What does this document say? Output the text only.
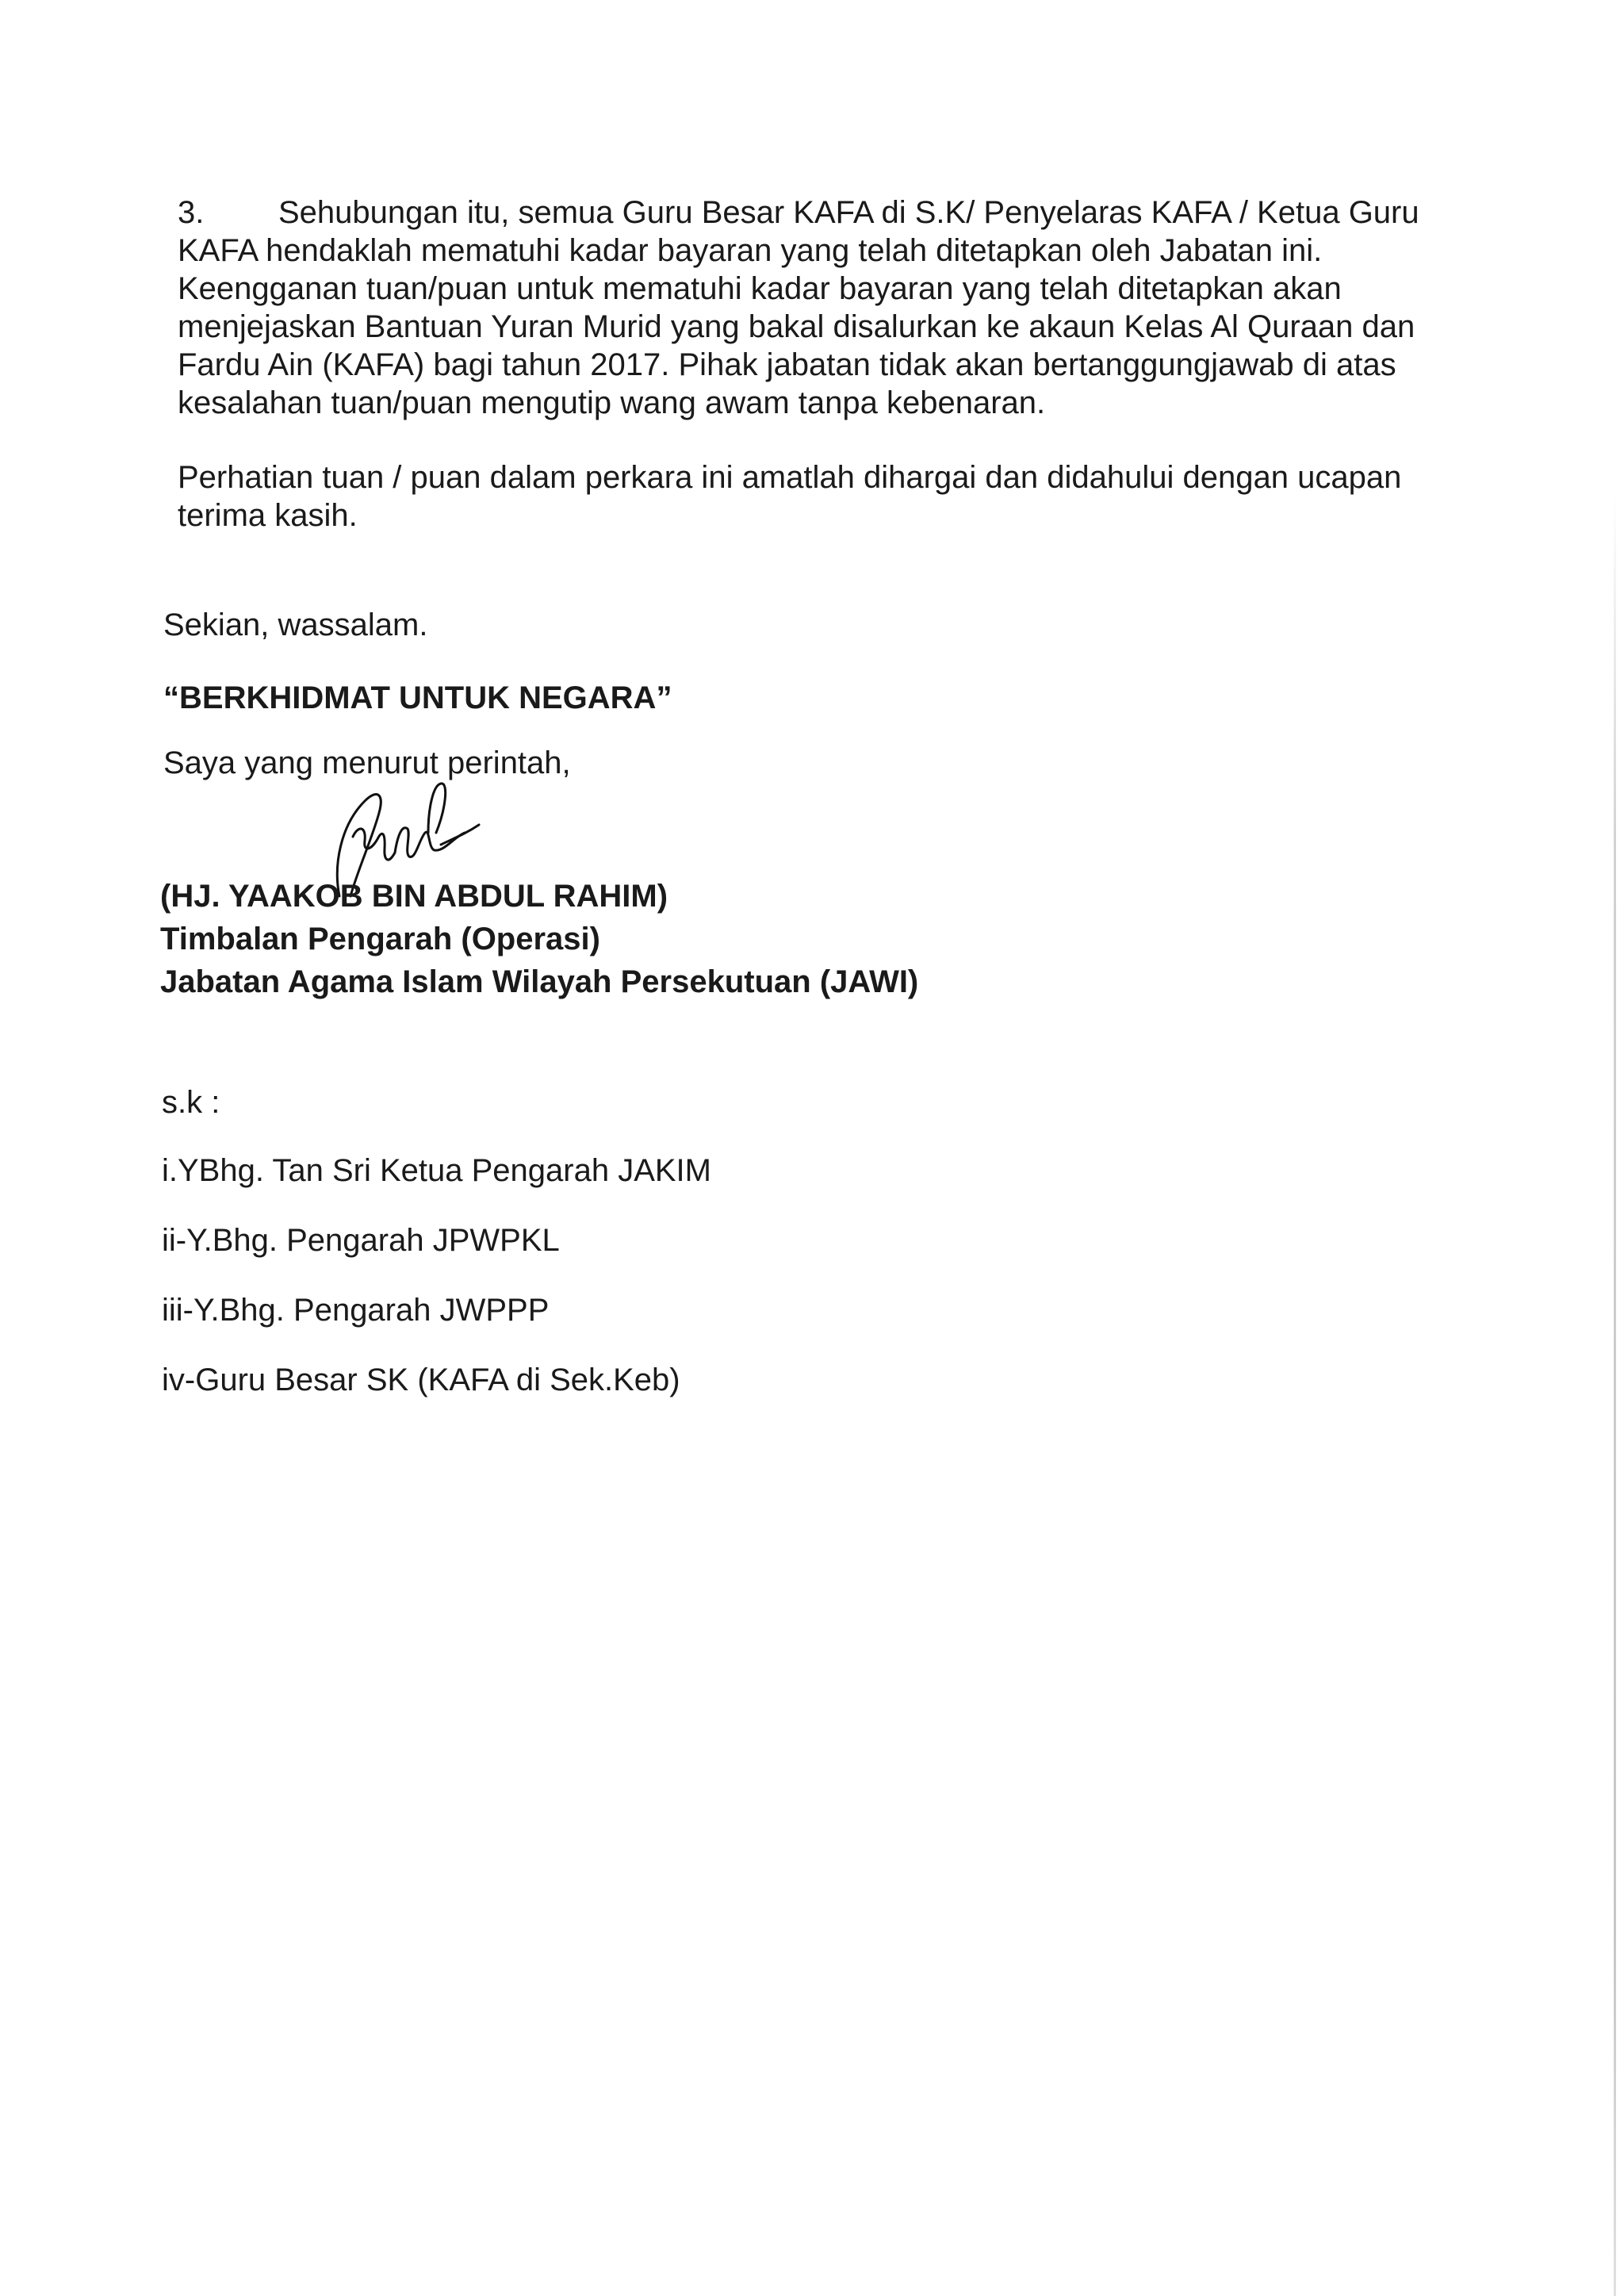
3. Sehubungan itu, semua Guru Besar KAFA di S.K/ Penyelaras KAFA / Ketua Guru KAFA hendaklah mematuhi kadar bayaran yang telah ditetapkan oleh Jabatan ini. Keengganan tuan/puan untuk mematuhi kadar bayaran yang telah ditetapkan akan menjejaskan Bantuan Yuran Murid yang bakal disalurkan ke akaun Kelas Al Quraan dan Fardu Ain (KAFA) bagi tahun 2017. Pihak jabatan tidak akan bertanggungjawab di atas kesalahan tuan/puan mengutip wang awam tanpa kebenaran.

Perhatian tuan / puan dalam perkara ini amatlah dihargai dan didahului dengan ucapan terima kasih.

Sekian, wassalam.

“BERKHIDMAT UNTUK NEGARA”

Saya yang menurut perintah,

(HJ. YAAKOB BIN ABDUL RAHIM)

Timbalan Pengarah (Operasi)

Jabatan Agama Islam Wilayah Persekutuan (JAWI)

s.k :

i.YBhg. Tan Sri Ketua Pengarah JAKIM
ii-Y.Bhg. Pengarah JPWPKL
iii-Y.Bhg. Pengarah JWPPP
iv-Guru Besar SK (KAFA di Sek.Keb)
